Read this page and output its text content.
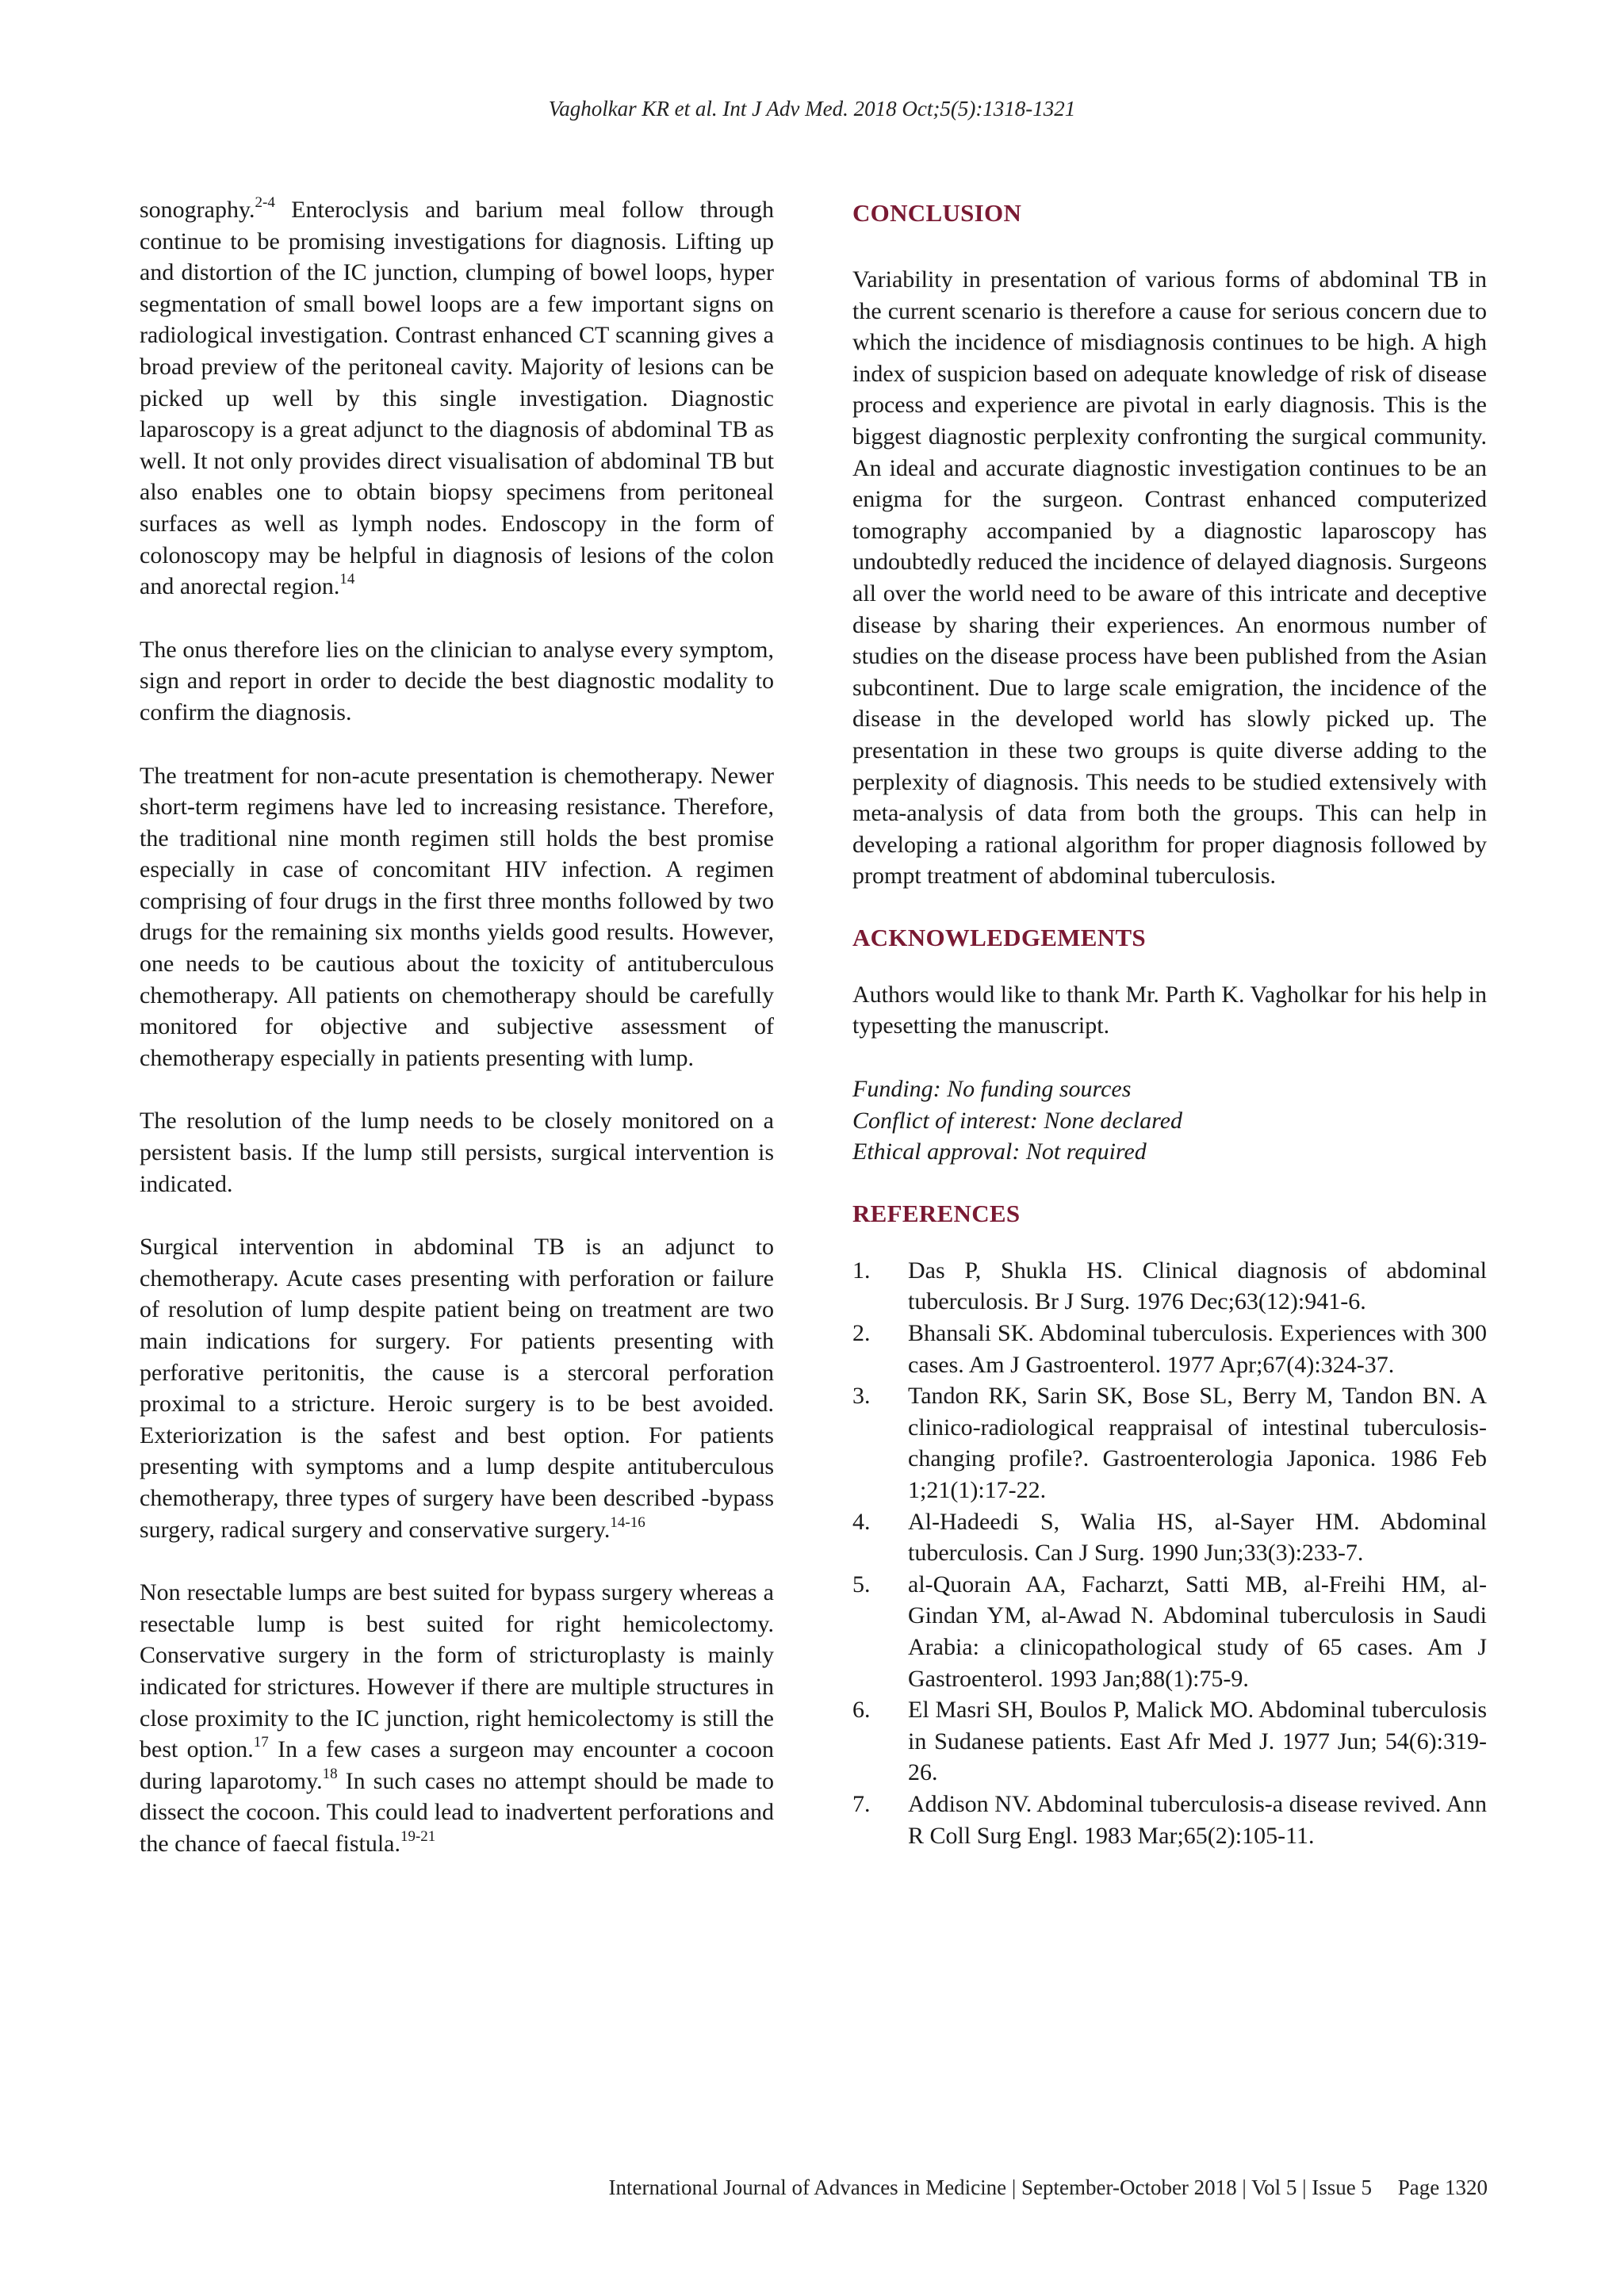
Vagholkar KR et al. Int J Adv Med. 2018 Oct;5(5):1318-1321

sonography.$^{2-4}$ Enteroclysis and barium meal follow through continue to be promising investigations for diagnosis. Lifting up and distortion of the IC junction, clumping of bowel loops, hyper segmentation of small bowel loops are a few important signs on radiological investigation. Contrast enhanced CT scanning gives a broad preview of the peritoneal cavity. Majority of lesions can be picked up well by this single investigation. Diagnostic laparoscopy is a great adjunct to the diagnosis of abdominal TB as well. It not only provides direct visualisation of abdominal TB but also enables one to obtain biopsy specimens from peritoneal surfaces as well as lymph nodes. Endoscopy in the form of colonoscopy may be helpful in diagnosis of lesions of the colon and anorectal region.$^{14}$

The onus therefore lies on the clinician to analyse every symptom, sign and report in order to decide the best diagnostic modality to confirm the diagnosis.

The treatment for non-acute presentation is chemotherapy. Newer short-term regimens have led to increasing resistance. Therefore, the traditional nine month regimen still holds the best promise especially in case of concomitant HIV infection. A regimen comprising of four drugs in the first three months followed by two drugs for the remaining six months yields good results. However, one needs to be cautious about the toxicity of antituberculous chemotherapy. All patients on chemotherapy should be carefully monitored for objective and subjective assessment of chemotherapy especially in patients presenting with lump.

The resolution of the lump needs to be closely monitored on a persistent basis. If the lump still persists, surgical intervention is indicated.

Surgical intervention in abdominal TB is an adjunct to chemotherapy. Acute cases presenting with perforation or failure of resolution of lump despite patient being on treatment are two main indications for surgery. For patients presenting with perforative peritonitis, the cause is a stercoral perforation proximal to a stricture. Heroic surgery is to be best avoided. Exteriorization is the safest and best option. For patients presenting with symptoms and a lump despite antituberculous chemotherapy, three types of surgery have been described -bypass surgery, radical surgery and conservative surgery.$^{14-16}$

Non resectable lumps are best suited for bypass surgery whereas a resectable lump is best suited for right hemicolectomy. Conservative surgery in the form of stricturoplasty is mainly indicated for strictures. However if there are multiple structures in close proximity to the IC junction, right hemicolectomy is still the best option.$^{17}$ In a few cases a surgeon may encounter a cocoon during laparotomy.$^{18}$ In such cases no attempt should be made to dissect the cocoon. This could lead to inadvertent perforations and the chance of faecal fistula.$^{19-21}$

CONCLUSION

Variability in presentation of various forms of abdominal TB in the current scenario is therefore a cause for serious concern due to which the incidence of misdiagnosis continues to be high. A high index of suspicion based on adequate knowledge of risk of disease process and experience are pivotal in early diagnosis. This is the biggest diagnostic perplexity confronting the surgical community. An ideal and accurate diagnostic investigation continues to be an enigma for the surgeon. Contrast enhanced computerized tomography accompanied by a diagnostic laparoscopy has undoubtedly reduced the incidence of delayed diagnosis. Surgeons all over the world need to be aware of this intricate and deceptive disease by sharing their experiences. An enormous number of studies on the disease process have been published from the Asian subcontinent. Due to large scale emigration, the incidence of the disease in the developed world has slowly picked up. The presentation in these two groups is quite diverse adding to the perplexity of diagnosis. This needs to be studied extensively with meta-analysis of data from both the groups. This can help in developing a rational algorithm for proper diagnosis followed by prompt treatment of abdominal tuberculosis.

ACKNOWLEDGEMENTS

Authors would like to thank Mr. Parth K. Vagholkar for his help in typesetting the manuscript.

Funding: No funding sources
Conflict of interest: None declared
Ethical approval: Not required
REFERENCES
1. Das P, Shukla HS. Clinical diagnosis of abdominal tuberculosis. Br J Surg. 1976 Dec;63(12):941-6.
2. Bhansali SK. Abdominal tuberculosis. Experiences with 300 cases. Am J Gastroenterol. 1977 Apr;67(4):324-37.
3. Tandon RK, Sarin SK, Bose SL, Berry M, Tandon BN. A clinico-radiological reappraisal of intestinal tuberculosis-changing profile?. Gastroenterologia Japonica. 1986 Feb 1;21(1):17-22.
4. Al-Hadeedi S, Walia HS, al-Sayer HM. Abdominal tuberculosis. Can J Surg. 1990 Jun;33(3):233-7.
5. al-Quorain AA, Facharzt, Satti MB, al-Freihi HM, al-Gindan YM, al-Awad N. Abdominal tuberculosis in Saudi Arabia: a clinicopathological study of 65 cases. Am J Gastroenterol. 1993 Jan;88(1):75-9.
6. El Masri SH, Boulos P, Malick MO. Abdominal tuberculosis in Sudanese patients. East Afr Med J. 1977 Jun; 54(6):319-26.
7. Addison NV. Abdominal tuberculosis-a disease revived. Ann R Coll Surg Engl. 1983 Mar;65(2):105-11.
International Journal of Advances in Medicine | September-October 2018 | Vol 5 | Issue 5 Page 1320
